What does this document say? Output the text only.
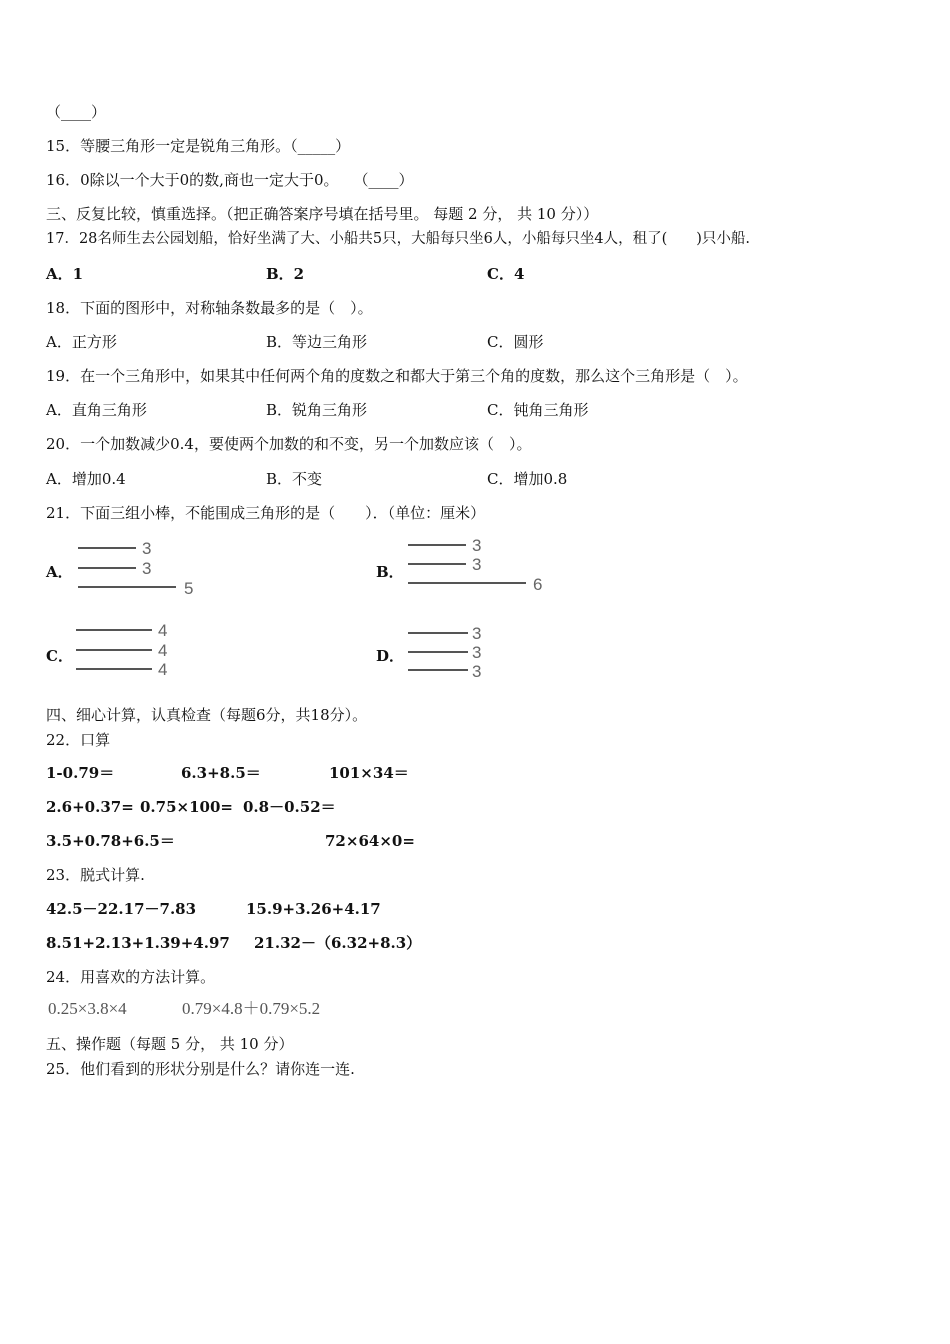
（____）
15．等腰三角形一定是锐角三角形。（_____）
16．0除以一个大于0的数,商也一定大于0。　　（____）
三、反复比较，慎重选择。（把正确答案序号填在括号里。 每题 2 分， 共 10 分））
17．28名师生去公园划船，恰好坐满了大、小船共5只，大船每只坐6人，小船每只坐4人，租了(　　)只小船.
A．1	B．2	C．4
18．下面的图形中，对称轴条数最多的是（　）。
A．正方形	B．等边三角形	C．圆形
19．在一个三角形中，如果其中任何两个角的度数之和都大于第三个角的度数，那么这个三角形是（　）。
A．直角三角形	B．锐角三角形	C．钝角三角形
20．一个加数减少0.4，要使两个加数的和不变，另一个加数应该（　）。
A．增加0.4	B．不变	C．增加0.8
21．下面三组小棒，不能围成三角形的是（　　）．（单位：厘米）
A．
3
3
5
B．
3
3
6
C．
4
4
4
D．
3
3
3
四、细心计算，认真检查（每题6分，共18分）。
22．口算
1-0.79＝	6.3+8.5＝	101×34＝
2.6+0.37= 0.75×100= 0.8－0.52＝
3.5+0.78+6.5＝	72×64×0=
23．脱式计算.
42.5－22.17－7.83	15.9+3.26+4.17
8.51+2.13+1.39+4.97 21.32－（6.32+8.3）
24．用喜欢的方法计算。
0.25×3.8×4	0.79×4.8＋0.79×5.2
五、操作题（每题 5 分， 共 10 分）
25．他们看到的形状分别是什么？请你连一连.
